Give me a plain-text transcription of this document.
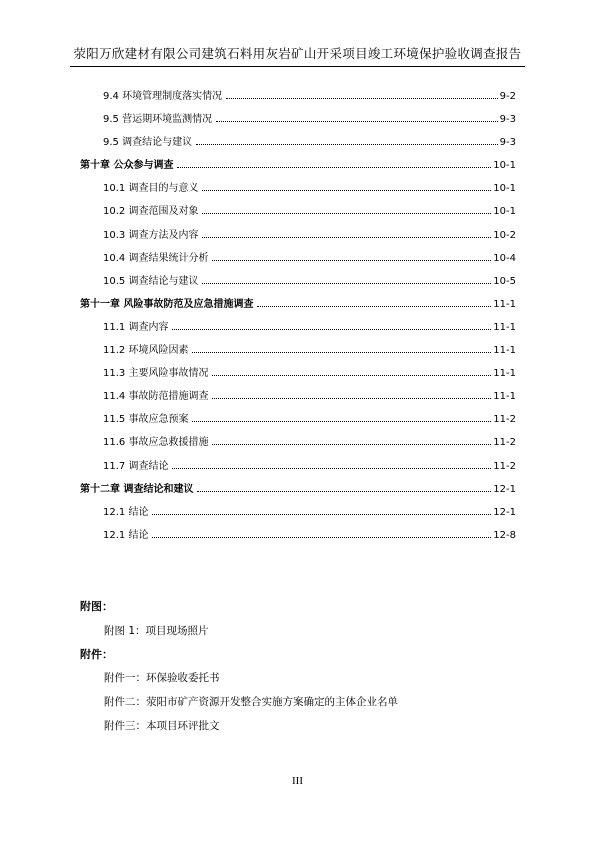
荥阳万欣建材有限公司建筑石料用灰岩矿山开采项目竣工环境保护验收调查报告
9.4 环境管理制度落实情况	9-2
9.5 营运期环境监测情况	9-3
9.5 调查结论与建议	9-3
第十章 公众参与调查	10-1
10.1 调查目的与意义	10-1
10.2 调查范围及对象	10-1
10.3 调查方法及内容	10-2
10.4 调查结果统计分析	10-4
10.5 调查结论与建议	10-5
第十一章 风险事故防范及应急措施调查	11-1
11.1 调查内容	11-1
11.2 环境风险因素	11-1
11.3 主要风险事故情况	11-1
11.4 事故防范措施调查	11-1
11.5 事故应急预案	11-2
11.6 事故应急救援措施	11-2
11.7 调查结论	11-2
第十二章 调查结论和建议	12-1
12.1 结论	12-1
12.1 结论	12-8
附图：
附图 1：项目现场照片
附件：
附件一：环保验收委托书
附件二：荥阳市矿产资源开发整合实施方案确定的主体企业名单
附件三：本项目环评批文
III
